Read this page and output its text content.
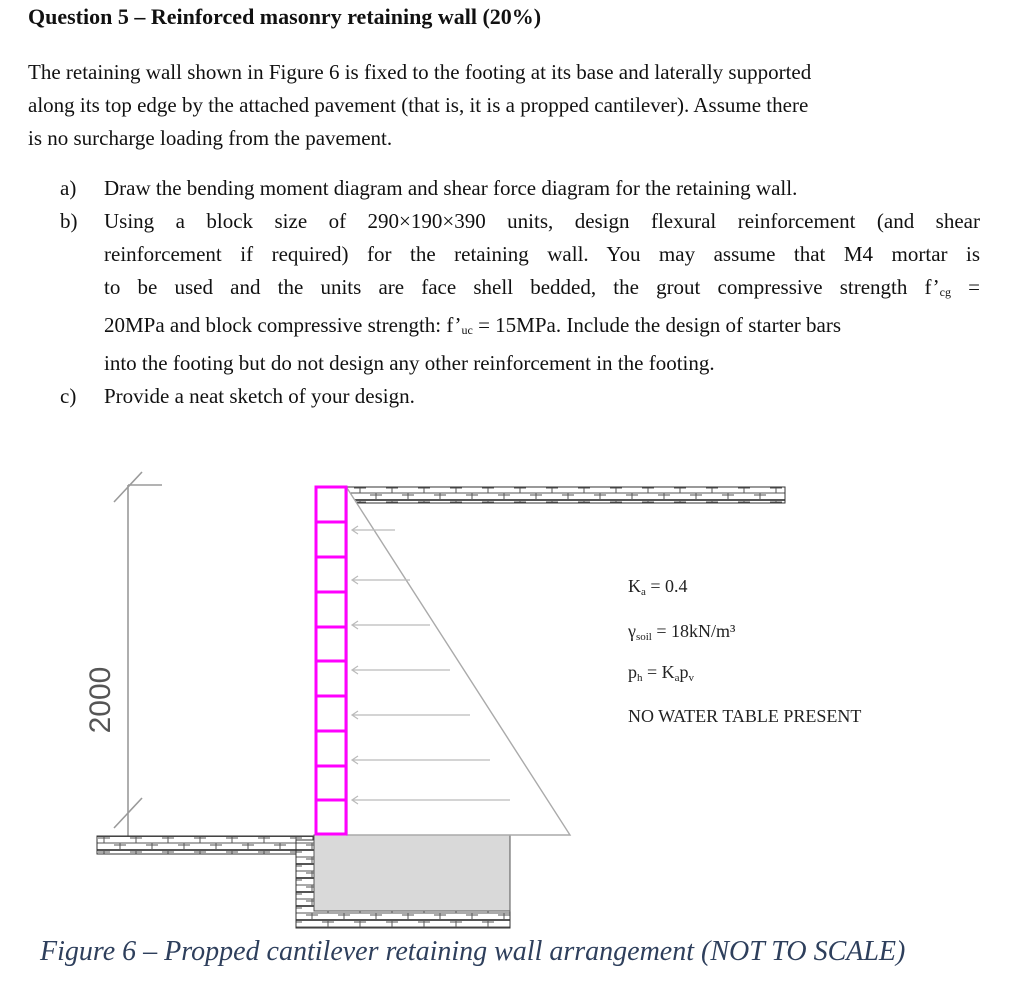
Question 5 – Reinforced masonry retaining wall (20%)
The retaining wall shown in Figure 6 is fixed to the footing at its base and laterally supported
along its top edge by the attached pavement (that is, it is a propped cantilever). Assume there
is no surcharge loading from the pavement.
a) Draw the bending moment diagram and shear force diagram for the retaining wall.
b) Using a block size of 290×190×390 units, design flexural reinforcement (and shear
reinforcement if required) for the retaining wall. You may assume that M4 mortar is
to be used and the units are face shell bedded, the grout compressive strength $f’_{cg}$ =
20MPa and block compressive strength: $f’_{uc} = 15MPa$. Include the design of starter bars
into the footing but do not design any other reinforcement in the footing.
c) Provide a neat sketch of your design.
2000
Ka = 0.4
γsoil = 18kN/m³
ph = Kapv
NO WATER TABLE PRESENT
Figure 6 – Propped cantilever retaining wall arrangement (NOT TO SCALE)
